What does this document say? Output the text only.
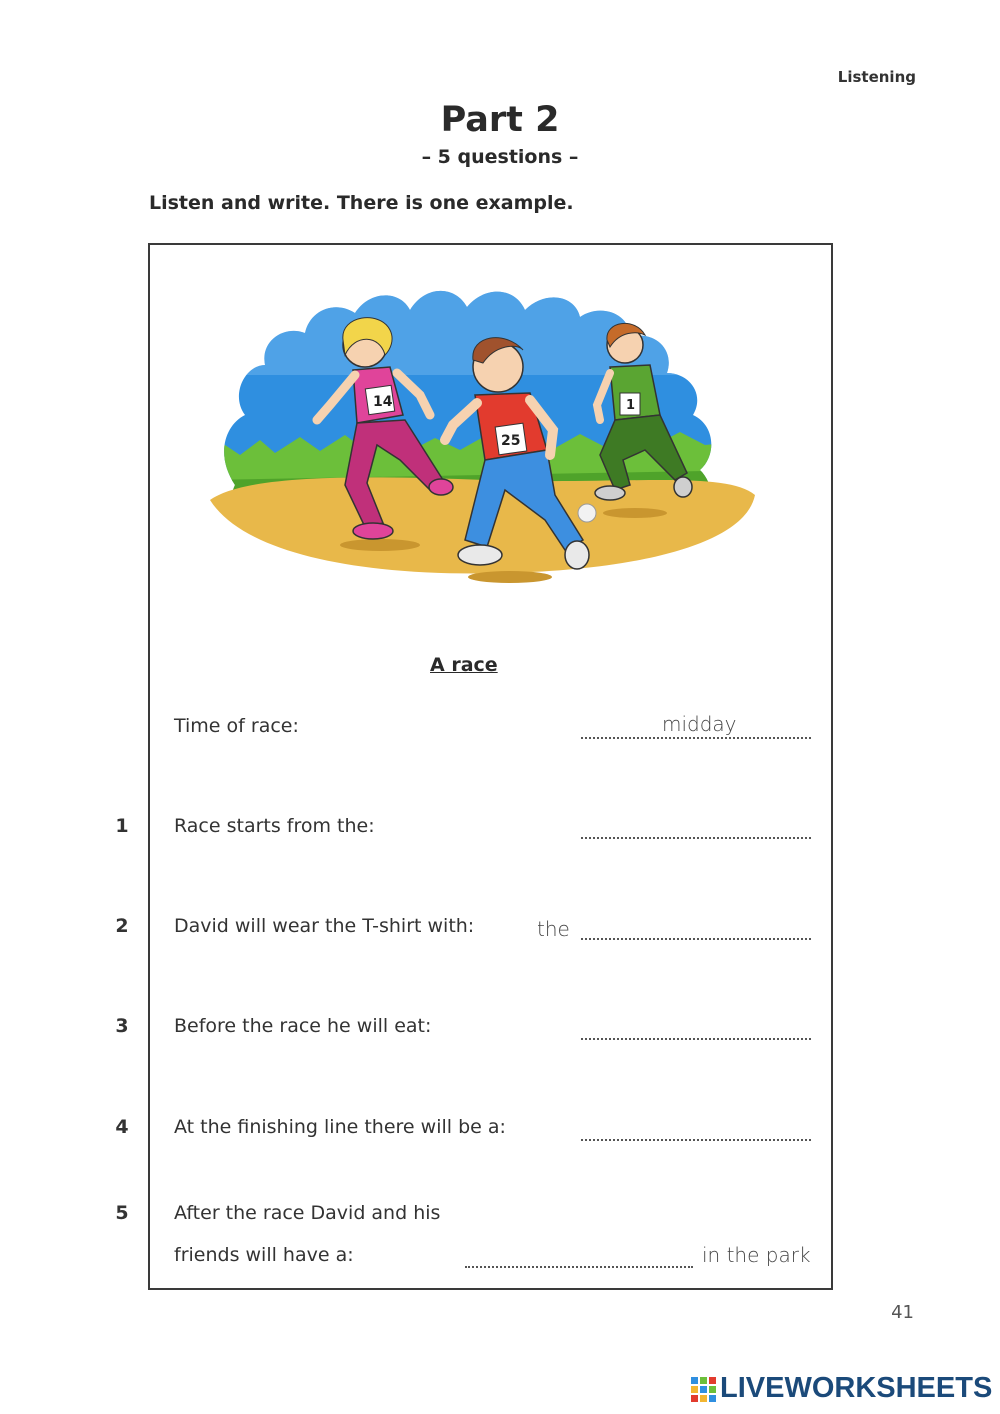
Listening
Part 2
– 5 questions –
Listen and write. There is one example.
14
25
1
A race
Time of race:	midday
1 Race starts from the:
2 David will wear the T-shirt with:	the
3 Before the race he will eat:
4 At the finishing line there will be a:
5 After the race David and his
friends will have a:	in the park
41
LIVEWORKSHEETS
